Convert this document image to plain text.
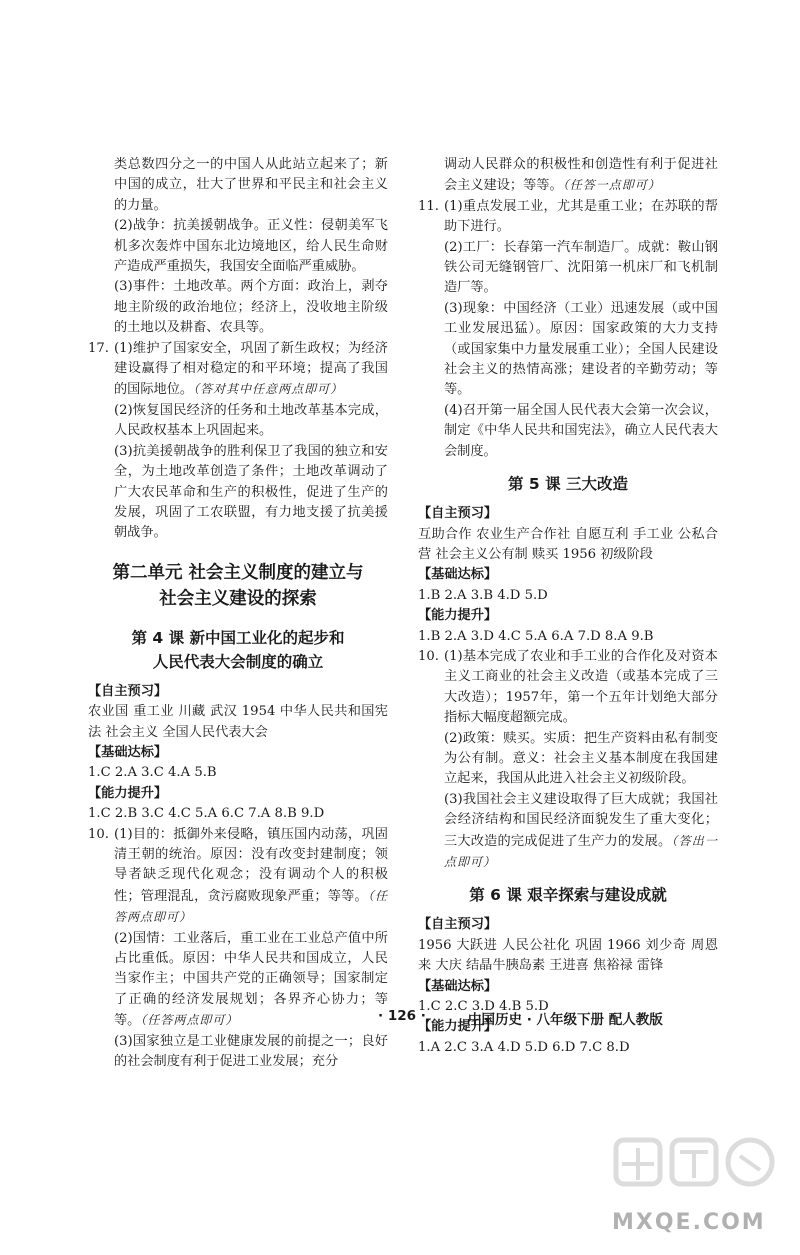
类总数四分之一的中国人从此站立起来了；新中国的成立，壮大了世界和平民主和社会主义的力量。

(2)战争：抗美援朝战争。正义性：侵朝美军飞机多次轰炸中国东北边境地区，给人民生命财产造成严重损失，我国安全面临严重威胁。

(3)事件：土地改革。两个方面：政治上，剥夺地主阶级的政治地位；经济上，没收地主阶级的土地以及耕畜、农具等。

17. (1)维护了国家安全，巩固了新生政权；为经济建设赢得了相对稳定的和平环境；提高了我国的国际地位。（答对其中任意两点即可）

(2)恢复国民经济的任务和土地改革基本完成，人民政权基本上巩固起来。

(3)抗美援朝战争的胜利保卫了我国的独立和安全，为土地改革创造了条件；土地改革调动了广大农民革命和生产的积极性，促进了生产的发展，巩固了工农联盟，有力地支援了抗美援朝战争。

第二单元 社会主义制度的建立与
社会主义建设的探索
第 4 课 新中国工业化的起步和
人民代表大会制度的确立

【自主预习】

农业国 重工业 川藏 武汉 1954 中华人民共和国宪法 社会主义 全国人民代表大会

【基础达标】

1.C 2.A 3.C 4.A 5.B

【能力提升】

1.C 2.B 3.C 4.C 5.A 6.C 7.A 8.B 9.D

10. (1)目的：抵御外来侵略，镇压国内动荡，巩固清王朝的统治。原因：没有改变封建制度；领导者缺乏现代化观念；没有调动个人的积极性；管理混乱，贪污腐败现象严重；等等。（任答两点即可）

(2)国情：工业落后，重工业在工业总产值中所占比重低。原因：中华人民共和国成立，人民当家作主；中国共产党的正确领导；国家制定了正确的经济发展规划；各界齐心协力；等等。（任答两点即可）

(3)国家独立是工业健康发展的前提之一；良好的社会制度有利于促进工业发展；充分

调动人民群众的积极性和创造性有利于促进社会主义建设；等等。（任答一点即可）

11. (1)重点发展工业，尤其是重工业；在苏联的帮助下进行。

(2)工厂：长春第一汽车制造厂。成就：鞍山钢铁公司无缝钢管厂、沈阳第一机床厂和飞机制造厂等。

(3)现象：中国经济（工业）迅速发展（或中国工业发展迅猛）。原因：国家政策的大力支持（或国家集中力量发展重工业）；全国人民建设社会主义的热情高涨；建设者的辛勤劳动；等等。

(4)召开第一届全国人民代表大会第一次会议，制定《中华人民共和国宪法》，确立人民代表大会制度。

第 5 课 三大改造

【自主预习】

互助合作 农业生产合作社 自愿互利 手工业 公私合营 社会主义公有制 赎买 1956 初级阶段

【基础达标】

1.B 2.A 3.B 4.D 5.D

【能力提升】

1.B 2.A 3.D 4.C 5.A 6.A 7.D 8.A 9.B

10. (1)基本完成了农业和手工业的合作化及对资本主义工商业的社会主义改造（或基本完成了三大改造）；1957年，第一个五年计划绝大部分指标大幅度超额完成。

(2)政策：赎买。实质：把生产资料由私有制变为公有制。意义：社会主义基本制度在我国建立起来，我国从此进入社会主义初级阶段。

(3)我国社会主义建设取得了巨大成就；我国社会经济结构和国民经济面貌发生了重大变化；三大改造的完成促进了生产力的发展。（答出一点即可）

第 6 课 艰辛探索与建设成就

【自主预习】

1956 大跃进 人民公社化 巩固 1966 刘少奇 周恩来 大庆 结晶牛胰岛素 王进喜 焦裕禄 雷锋

【基础达标】

1.C 2.C 3.D 4.B 5.D

【能力提升】

1.A 2.C 3.A 4.D 5.D 6.D 7.C 8.D

· 126 ·	中国历史 · 八年级下册 配人教版
MXQE.COM
